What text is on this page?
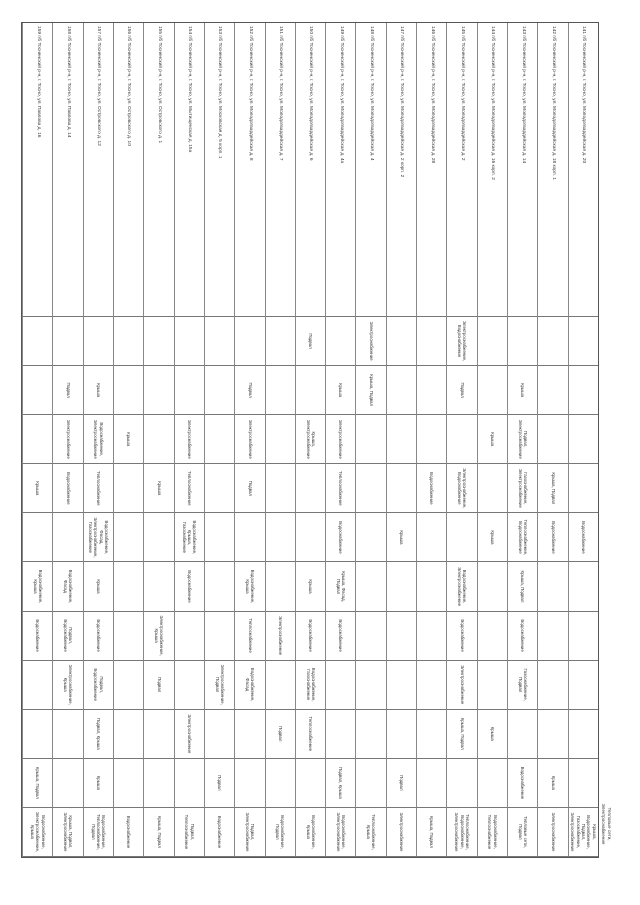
Тепловые сети, Электроснабжение
141 г/б Тосненский р-н, г. Тосно, ул. Молодогвардейская д. 20
Водоснабжение
Крыша, Водоснабжение, Подвал, Газоснабжение, Электроснабжение
142 г/б Тосненский р-н, г. Тосно, ул. Молодогвардейская д. 18 корп. 1
Крыша, Подвал
Водоснабжение
Крыша
Электроснабжение
143 г/б Тосненский р-н, г. Тосно, ул. Молодогвардейская д. 14
Крыша
Подвал, Электроснабжение
Газоснабжение, Электроснабжение
Теплоснабжение, Водоснабжение
Крыша, Подвал
Водоснабжение
Газоснабжение, Подвал
Водоснабжение
Тепловые сети, Подвал
144 г/б Тосненский р-н, г. Тосно, ул. Молодогвардейская д. 16 корп. 2
Крыша
Крыша
Крыша
Водоснабжение, Теплоснабжение
145 г/б Тосненский р-н, г. Тосно, ул. Молодогвардейская д. 2
Электроснабжение, Водоснабжение
Подвал
Электроснабжение, Водоснабжение
Водоснабжение, Электроснабжение
Водоснабжение
Электроснабжение
Крыша, Подвал
Теплоснабжение, Водоснабжение, Электроснабжение
146 г/б Тосненский р-н, г. Тосно, ул. Молодогвардейская д. 28
Водоснабжение
Крыша, Подвал
147 г/б Тосненский р-н, г. Тосно, ул. Молодогвардейская д. 2 корп. 2
Крыша
Подвал
Электроснабжение
148 г/б Тосненский р-н, г. Тосно, ул. Молодогвардейская д. 4
Электроснабжение
Крыша, Подвал
Теплоснабжение, Крыша
149 г/б Тосненский р-н, г. Тосно, ул. Молодогвардейская д. 4а
Крыша
Электроснабжение
Теплоснабжение
Водоснабжение
Крыша, Фасад, Подвал
Водоснабжение
Подвал, Крыша
Водоснабжение, Электроснабжение
150 г/б Тосненский р-н, г. Тосно, ул. Молодогвардейская д. 6
Подвал
Крыша, Электроснабжение
Крыша
Водоснабжение
Водоснабжение, Газоснабжение
Теплоснабжение
Водоснабжение, Крыша
151 г/б Тосненский р-н, г. Тосно, ул. Молодогвардейская д. 7
Электроснабжение
Подвал
Водоснабжение, Подвал
152 г/б Тосненский р-н, г. Тосно, ул. Молодогвардейская д. 8
Подвал
Электроснабжение
Подвал
Водоснабжение, Крыша
Теплоснабжение
Водоснабжение, Фасад
Подвал, Электроснабжение
153 г/б Тосненский р-н, г. Тосно, ул. Московская д. 5 корп. 1
Электроснабжение, Подвал
Подвал
Водоснабжение
154 г/б Тосненский р-н, г. Тосно, ул. Мытищенская д. 15а
Электроснабжение
Теплоснабжение
Водоснабжение, Крыша, Газоснабжение
Водоснабжение
Электроснабжение
Подвал, Теплоснабжение
155 г/б Тосненский р-н, г. Тосно, ул. Островского д. 1
Крыша
Электроснабжение, Крыша
Подвал
Крыша, Подвал
156 г/б Тосненский р-н, г. Тосно, ул. Островского д. 10
Крыша
Водоснабжение
157 г/б Тосненский р-н, г. Тосно, ул. Островского д. 12
Крыша
Водоснабжение, Электроснабжение
Теплоснабжение
Водоснабжение, Фасад, Электроснабжение, Газоснабжение
Крыша
Водоснабжение
Подвал, Водоснабжение
Подвал, Крыша
Крыша
Водоснабжение, Теплоснабжение, Подвал
158 г/б Тосненский р-н, г. Тосно, ул. Павлова д. 14
Подвал
Электроснабжение
Водоснабжение
Водоснабжение, Фасад
Подвал, Водоснабжение
Электроснабжение, Крыша
Крыша, Подвал, Электроснабжение
159 г/б Тосненский р-н, г. Тосно, ул. Павлова д. 16
Крыша
Водоснабжение, Крыша
Водоснабжение
Крыша, Подвал
Водоснабжение, Электроснабжение, Крыша
